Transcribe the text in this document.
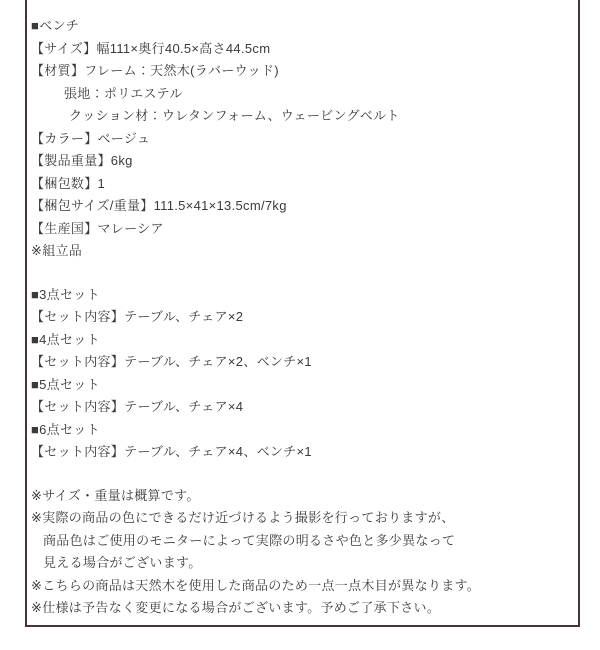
■ベンチ
【サイズ】幅111×奥行40.5×高さ44.5cm
【材質】フレーム：天然木(ラバーウッド)
張地：ポリエステル
クッション材：ウレタンフォーム、ウェービングベルト
【カラー】ベージュ
【製品重量】6kg
【梱包数】1
【梱包サイズ/重量】111.5×41×13.5cm/7kg
【生産国】マレーシア
※組立品
■3点セット
【セット内容】テーブル、チェア×2
■4点セット
【セット内容】テーブル、チェア×2、ベンチ×1
■5点セット
【セット内容】テーブル、チェア×4
■6点セット
【セット内容】テーブル、チェア×4、ベンチ×1
※サイズ・重量は概算です。
※実際の商品の色にできるだけ近づけるよう撮影を行っておりますが、
商品色はご使用のモニターによって実際の明るさや色と多少異なって
見える場合がございます。
※こちらの商品は天然木を使用した商品のため一点一点木目が異なります。
※仕様は予告なく変更になる場合がございます。予めご了承下さい。
